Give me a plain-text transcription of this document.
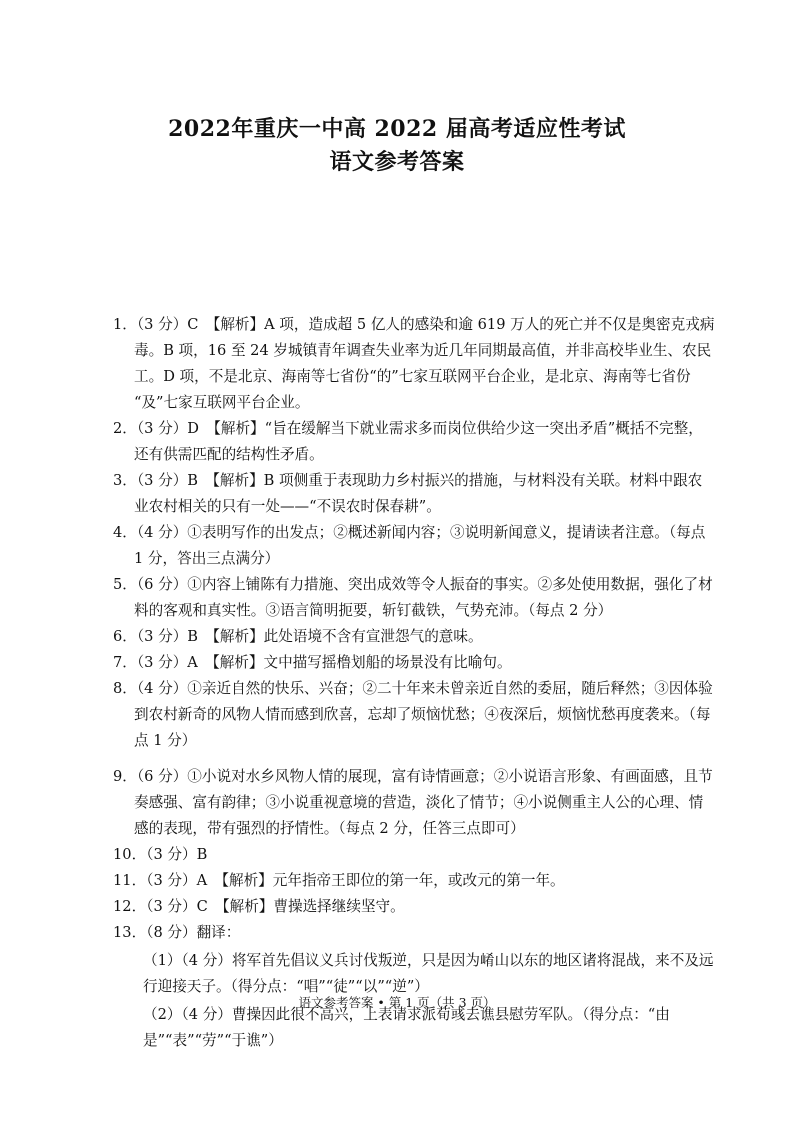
2022年重庆一中高 2022 届高考适应性考试
语文参考答案
1．（3 分）C　【解析】A 项，造成超 5 亿人的感染和逾 619 万人的死亡并不仅是奥密克戎病
毒。B 项，16 至 24 岁城镇青年调查失业率为近几年同期最高值，并非高校毕业生、农民
工。D 项，不是北京、海南等七省份“的”七家互联网平台企业，是北京、海南等七省份
“及”七家互联网平台企业。
2．（3 分）D　【解析】“旨在缓解当下就业需求多而岗位供给少这一突出矛盾”概括不完整，
还有供需匹配的结构性矛盾。
3．（3 分）B　【解析】B 项侧重于表现助力乡村振兴的措施，与材料没有关联。材料中跟农
业农村相关的只有一处——“不误农时保春耕”。
4．（4 分）①表明写作的出发点；②概述新闻内容；③说明新闻意义，提请读者注意。（每点
1 分，答出三点满分）
5．（6 分）①内容上铺陈有力措施、突出成效等令人振奋的事实。②多处使用数据，强化了材
料的客观和真实性。③语言简明扼要，斩钉截铁，气势充沛。（每点 2 分）
6．（3 分）B　【解析】此处语境不含有宣泄怨气的意味。
7．（3 分）A　【解析】文中描写摇橹划船的场景没有比喻句。
8．（4 分）①亲近自然的快乐、兴奋；②二十年来未曾亲近自然的委屈，随后释然；③因体验
到农村新奇的风物人情而感到欣喜，忘却了烦恼忧愁；④夜深后，烦恼忧愁再度袭来。（每
点 1 分）
9．（6 分）①小说对水乡风物人情的展现，富有诗情画意；②小说语言形象、有画面感，且节
奏感强、富有韵律；③小说重视意境的营造，淡化了情节；④小说侧重主人公的心理、情
感的表现，带有强烈的抒情性。（每点 2 分，任答三点即可）
10．（3 分）B
11．（3 分）A　【解析】元年指帝王即位的第一年，或改元的第一年。
12．（3 分）C　【解析】曹操选择继续坚守。
13．（8 分）翻译：
（1）（4 分）将军首先倡议义兵讨伐叛逆，只是因为崤山以东的地区诸将混战，来不及远
行迎接天子。（得分点：“唱”“徒”“以”“逆”）
（2）（4 分）曹操因此很不高兴，上表请求派荀彧去谯县慰劳军队。（得分点：“由
是”“表”“劳”“于谯”）
语文参考答案 • 第 1 页（共 3 页）
